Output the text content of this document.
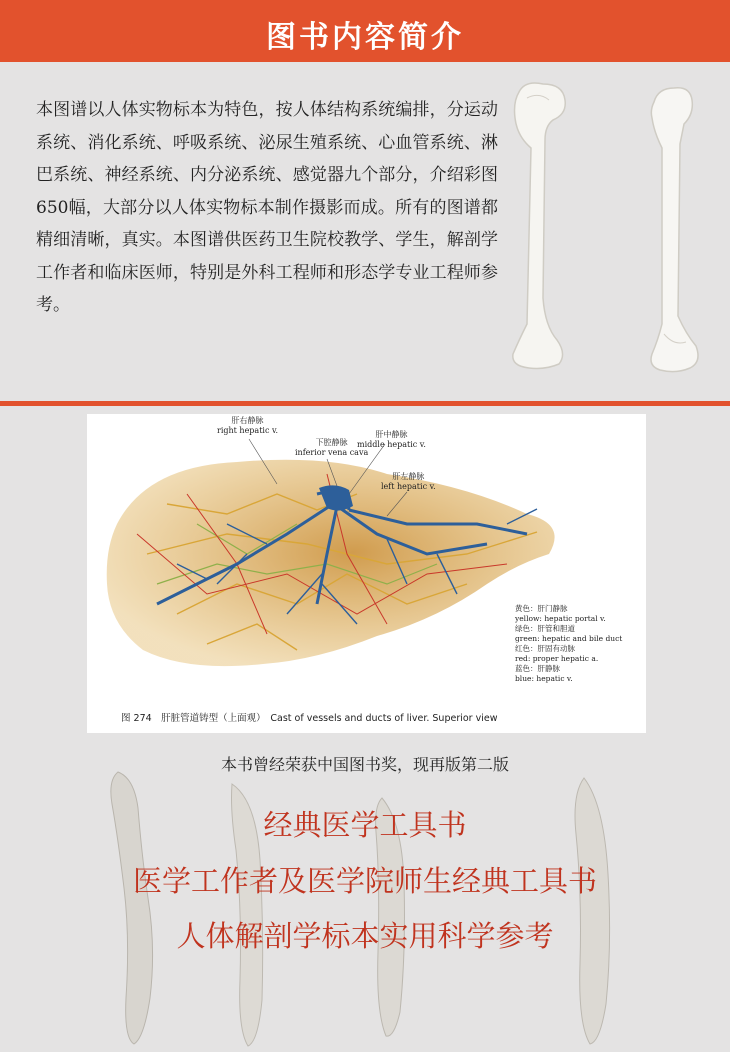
图书内容简介
本图谱以人体实物标本为特色，按人体结构系统编排，分运动系统、消化系统、呼吸系统、泌尿生殖系统、心血管系统、淋巴系统、神经系统、内分泌系统、感觉器九个部分，介绍彩图650幅，大部分以人体实物标本制作摄影而成。所有的图谱都精细清晰，真实。本图谱供医药卫生院校教学、学生，解剖学工作者和临床医师，特别是外科工程师和形态学专业工程师参考。
肝右静脉
right hepatic v.
下腔静脉
inferior vena cava
肝中静脉
middle hepatic v.
肝左静脉
left hepatic v.
黄色：肝门静脉
yellow: hepatic portal v.
绿色：肝管和胆道
green: hepatic and bile duct
红色：肝固有动脉
red: proper hepatic a.
蓝色：肝静脉
blue: hepatic v.
图 274　肝脏管道铸型（上面观）　Cast of vessels and ducts of liver. Superior view
本书曾经荣获中国图书奖，现再版第二版
经典医学工具书
医学工作者及医学院师生经典工具书
人体解剖学标本实用科学参考
